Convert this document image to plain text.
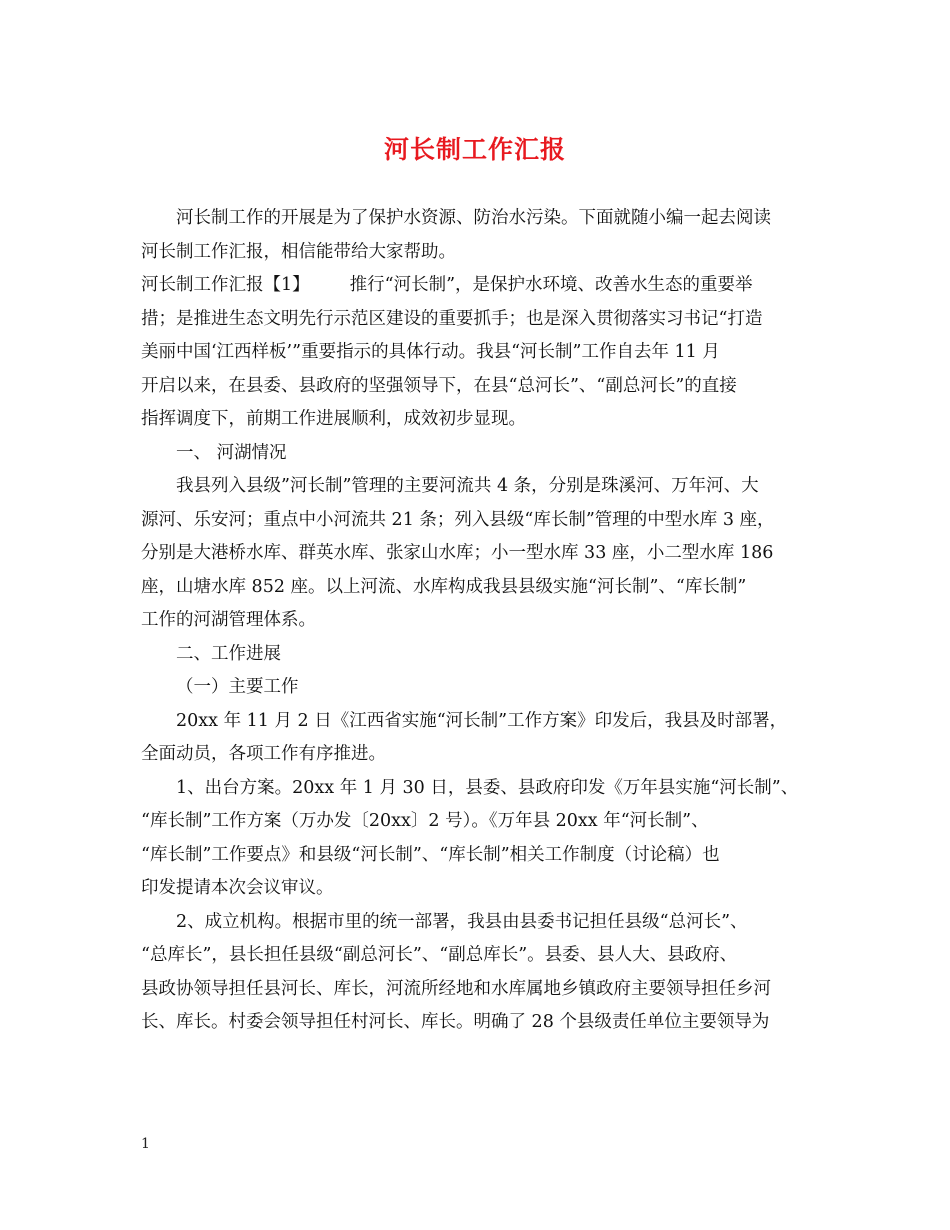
河长制工作汇报
河长制工作的开展是为了保护水资源、防治水污染。下面就随小编一起去阅读
河长制工作汇报，相信能带给大家帮助。
河长制工作汇报【1】 推行“河长制”，是保护水环境、改善水生态的重要举
措；是推进生态文明先行示范区建设的重要抓手；也是深入贯彻落实习书记“打造
美丽中国‘江西样板’”重要指示的具体行动。我县“河长制”工作自去年 11 月
开启以来，在县委、县政府的坚强领导下，在县“总河长”、“副总河长”的直接
指挥调度下，前期工作进展顺利，成效初步显现。
一、 河湖情况
我县列入县级”河长制”管理的主要河流共 4 条，分别是珠溪河、万年河、大
源河、乐安河；重点中小河流共 21 条；列入县级“库长制”管理的中型水库 3 座，
分别是大港桥水库、群英水库、张家山水库；小一型水库 33 座，小二型水库 186
座，山塘水库 852 座。以上河流、水库构成我县县级实施“河长制”、“库长制”
工作的河湖管理体系。
二、工作进展
（一）主要工作
20xx 年 11 月 2 日《江西省实施“河长制”工作方案》印发后，我县及时部署，
全面动员，各项工作有序推进。
1、出台方案。20xx 年 1 月 30 日，县委、县政府印发《万年县实施“河长制”、
“库长制”工作方案（万办发〔20xx〕2 号）。《万年县 20xx 年“河长制”、
“库长制”工作要点》和县级“河长制”、“库长制”相关工作制度（讨论稿）也
印发提请本次会议审议。
2、成立机构。根据市里的统一部署，我县由县委书记担任县级“总河长”、
“总库长”，县长担任县级“副总河长”、“副总库长”。县委、县人大、县政府、
县政协领导担任县河长、库长，河流所经地和水库属地乡镇政府主要领导担任乡河
长、库长。村委会领导担任村河长、库长。明确了 28 个县级责任单位主要领导为
1
